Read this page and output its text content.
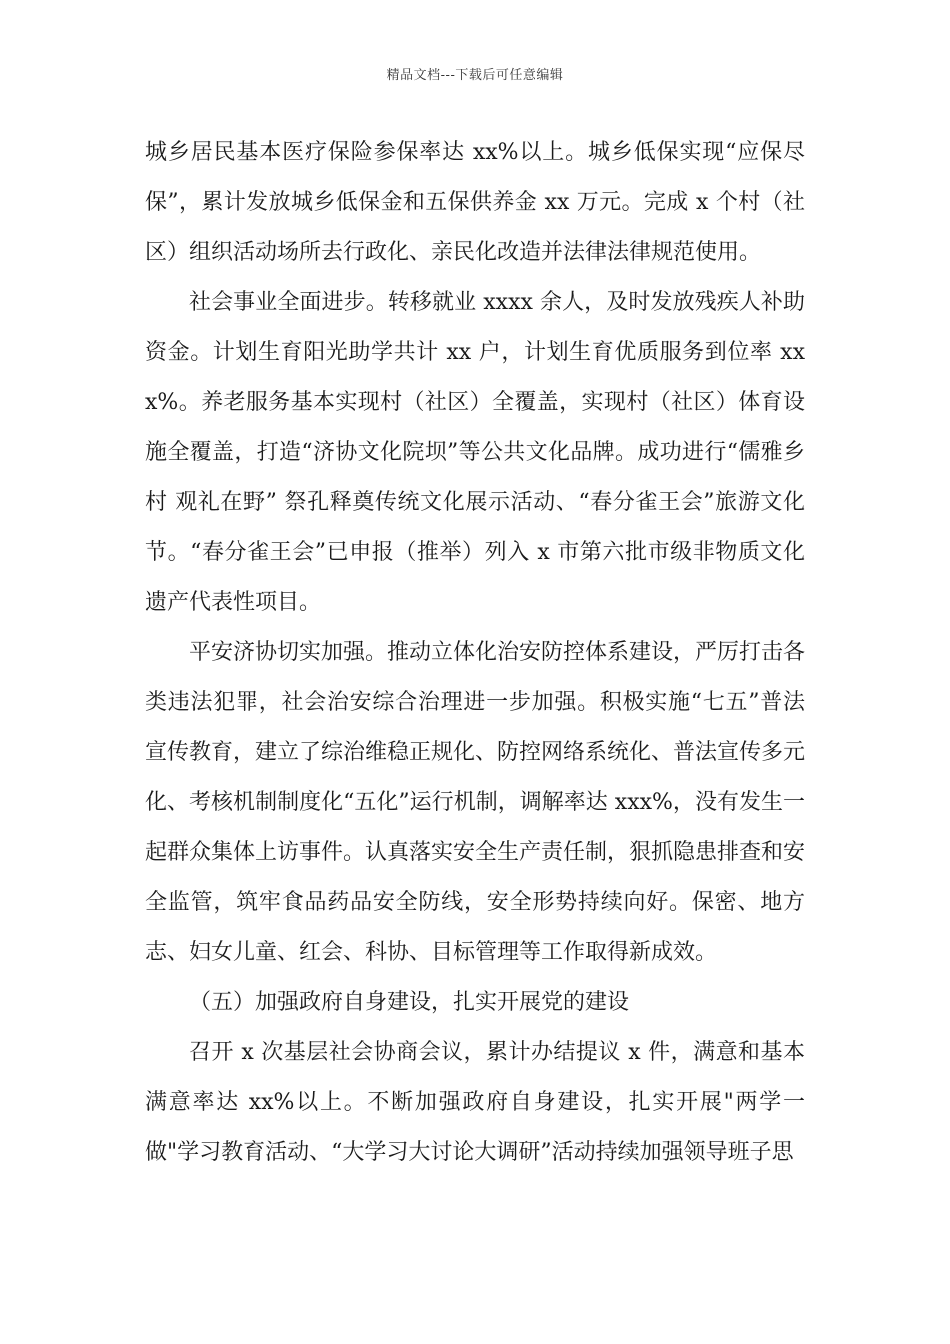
精品文档---下载后可任意编辑

城乡居民基本医疗保险参保率达 xx%以上。城乡低保实现“应保尽保”，累计发放城乡低保金和五保供养金 xx 万元。完成 x 个村（社区）组织活动场所去行政化、亲民化改造并法律法律规范使用。

社会事业全面进步。转移就业 xxxx 余人，及时发放残疾人补助资金。计划生育阳光助学共计 xx 户，计划生育优质服务到位率 xxx%。养老服务基本实现村（社区）全覆盖，实现村（社区）体育设施全覆盖，打造“济协文化院坝”等公共文化品牌。成功进行“儒雅乡村 观礼在野” 祭孔释奠传统文化展示活动、“春分雀王会”旅游文化节。“春分雀王会”已申报（推举）列入 x 市第六批市级非物质文化遗产代表性项目。

平安济协切实加强。推动立体化治安防控体系建设，严厉打击各类违法犯罪，社会治安综合治理进一步加强。积极实施“七五”普法宣传教育，建立了综治维稳正规化、防控网络系统化、普法宣传多元化、考核机制制度化“五化”运行机制，调解率达 xxx%，没有发生一起群众集体上访事件。认真落实安全生产责任制，狠抓隐患排查和安全监管，筑牢食品药品安全防线，安全形势持续向好。保密、地方志、妇女儿童、红会、科协、目标管理等工作取得新成效。

（五）加强政府自身建设，扎实开展党的建设

召开 x 次基层社会协商会议，累计办结提议 x 件，满意和基本满意率达 xx%以上。不断加强政府自身建设，扎实开展"两学一做"学习教育活动、“大学习大讨论大调研”活动持续加强领导班子思
